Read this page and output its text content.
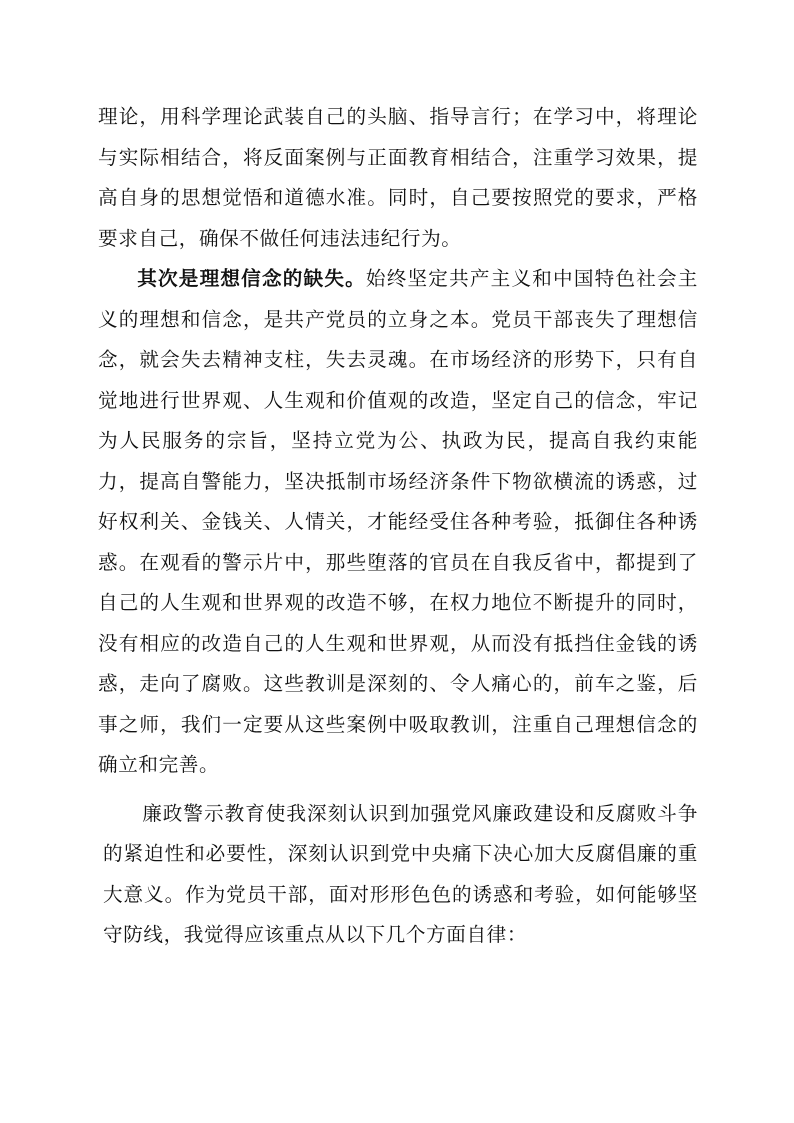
理论，用科学理论武装自己的头脑、指导言行；在学习中，将理论与实际相结合，将反面案例与正面教育相结合，注重学习效果，提高自身的思想觉悟和道德水准。同时，自己要按照党的要求，严格要求自己，确保不做任何违法违纪行为。

其次是理想信念的缺失。始终坚定共产主义和中国特色社会主义的理想和信念，是共产党员的立身之本。党员干部丧失了理想信念，就会失去精神支柱，失去灵魂。在市场经济的形势下，只有自觉地进行世界观、人生观和价值观的改造，坚定自己的信念，牢记为人民服务的宗旨，坚持立党为公、执政为民，提高自我约束能力，提高自警能力，坚决抵制市场经济条件下物欲横流的诱惑，过好权利关、金钱关、人情关，才能经受住各种考验，抵御住各种诱惑。在观看的警示片中，那些堕落的官员在自我反省中，都提到了自己的人生观和世界观的改造不够，在权力地位不断提升的同时，没有相应的改造自己的人生观和世界观，从而没有抵挡住金钱的诱惑，走向了腐败。这些教训是深刻的、令人痛心的，前车之鉴，后事之师，我们一定要从这些案例中吸取教训，注重自己理想信念的确立和完善。

廉政警示教育使我深刻认识到加强党风廉政建设和反腐败斗争的紧迫性和必要性，深刻认识到党中央痛下决心加大反腐倡廉的重大意义。作为党员干部，面对形形色色的诱惑和考验，如何能够坚守防线，我觉得应该重点从以下几个方面自律：
